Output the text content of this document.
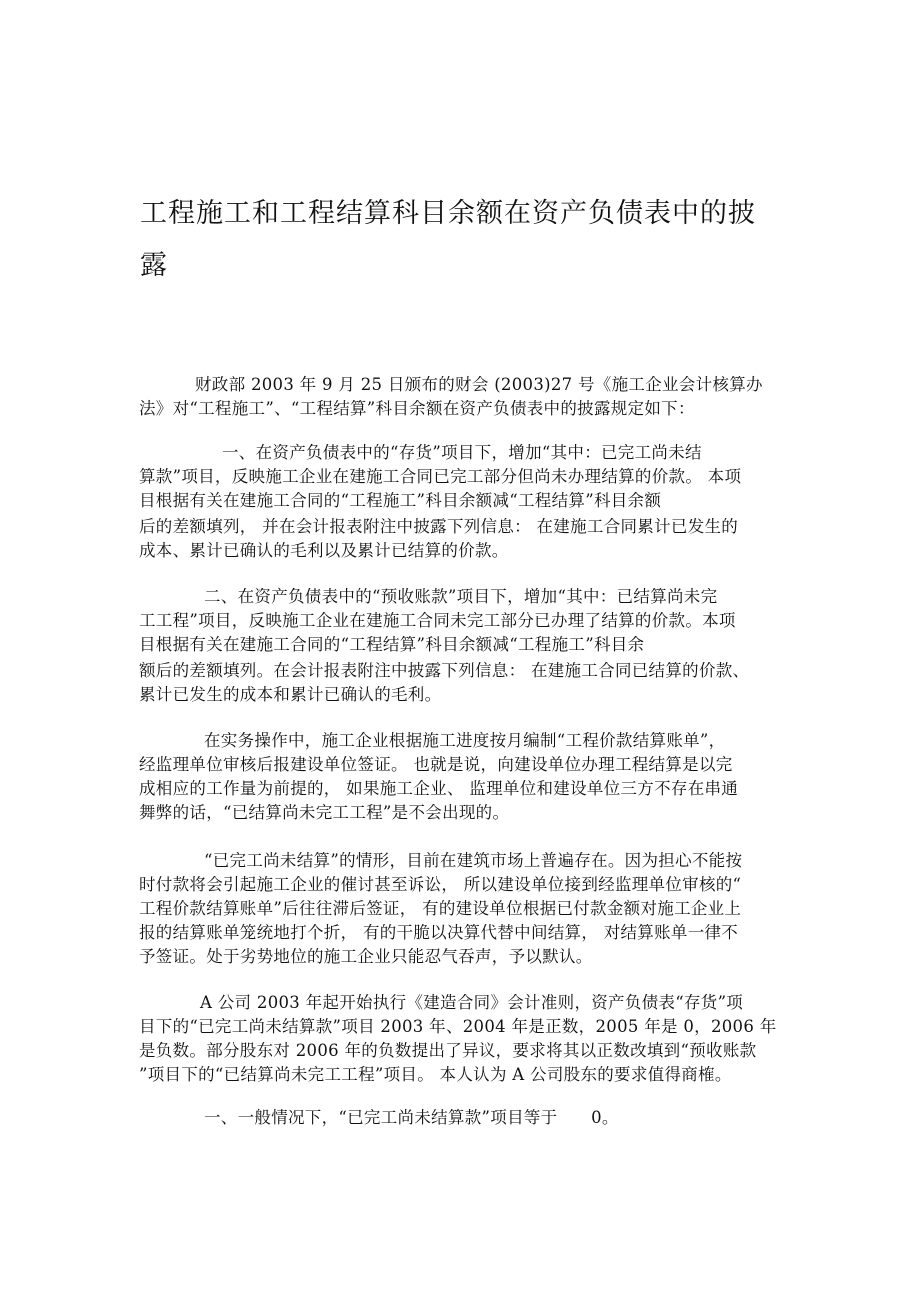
工程施工和工程结算科目余额在资产负债表中的披
露
财政部 2003 年 9 月 25 日颁布的财会 (2003)27 号《施工企业会计核算办
法》对“工程施工”、“工程结算”科目余额在资产负债表中的披露规定如下：
一、在资产负债表中的“存货”项目下，增加“其中：已完工尚未结
算款”项目，反映施工企业在建施工合同已完工部分但尚未办理结算的价款。 本项
目根据有关在建施工合同的“工程施工”科目余额减“工程结算”科目余额
后的差额填列， 并在会计报表附注中披露下列信息： 在建施工合同累计已发生的
成本、累计已确认的毛利以及累计已结算的价款。
二、在资产负债表中的“预收账款”项目下，增加“其中：已结算尚未完
工工程”项目，反映施工企业在建施工合同未完工部分已办理了结算的价款。本项
目根据有关在建施工合同的“工程结算”科目余额减“工程施工”科目余
额后的差额填列。在会计报表附注中披露下列信息： 在建施工合同已结算的价款、
累计已发生的成本和累计已确认的毛利。
在实务操作中，施工企业根据施工进度按月编制“工程价款结算账单”，
经监理单位审核后报建设单位签证。 也就是说，向建设单位办理工程结算是以完
成相应的工作量为前提的， 如果施工企业、 监理单位和建设单位三方不存在串通
舞弊的话，“已结算尚未完工工程”是不会出现的。
“已完工尚未结算”的情形，目前在建筑市场上普遍存在。因为担心不能按
时付款将会引起施工企业的催讨甚至诉讼， 所以建设单位接到经监理单位审核的“
工程价款结算账单”后往往滞后签证， 有的建设单位根据已付款金额对施工企业上
报的结算账单笼统地打个折， 有的干脆以决算代替中间结算， 对结算账单一律不
予签证。处于劣势地位的施工企业只能忍气吞声，予以默认。
A 公司 2003 年起开始执行《建造合同》会计准则，资产负债表“存货”项
目下的“已完工尚未结算款”项目 2003 年、2004 年是正数，2005 年是 0，2006 年
是负数。部分股东对 2006 年的负数提出了异议，要求将其以正数改填到“预收账款
”项目下的“已结算尚未完工工程”项目。 本人认为 A 公司股东的要求值得商榷。
一、一般情况下，“已完工尚未结算款”项目等于　　0。
